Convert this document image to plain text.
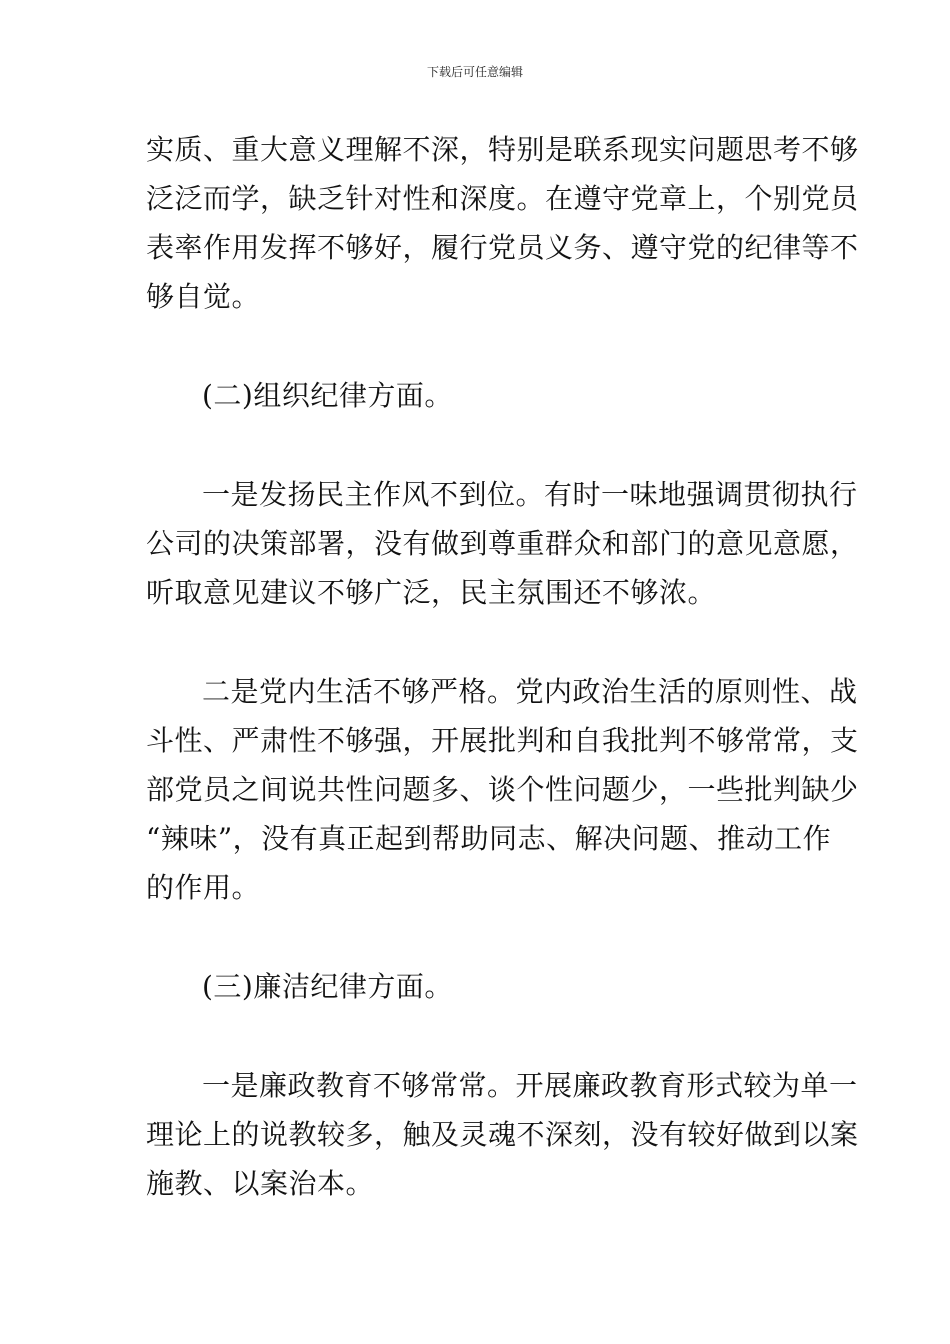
下载后可任意编辑

实质、重大意义理解不深，特别是联系现实问题思考不够
泛泛而学，缺乏针对性和深度。在遵守党章上，个别党员
表率作用发挥不够好，履行党员义务、遵守党的纪律等不
够自觉。

(二)组织纪律方面。

一是发扬民主作风不到位。有时一味地强调贯彻执行
公司的决策部署，没有做到尊重群众和部门的意见意愿，
听取意见建议不够广泛，民主氛围还不够浓。

二是党内生活不够严格。党内政治生活的原则性、战
斗性、严肃性不够强，开展批判和自我批判不够常常，支
部党员之间说共性问题多、谈个性问题少，一些批判缺少
“辣味”，没有真正起到帮助同志、解决问题、推动工作
的作用。

(三)廉洁纪律方面。

一是廉政教育不够常常。开展廉政教育形式较为单一
理论上的说教较多，触及灵魂不深刻，没有较好做到以案
施教、以案治本。
